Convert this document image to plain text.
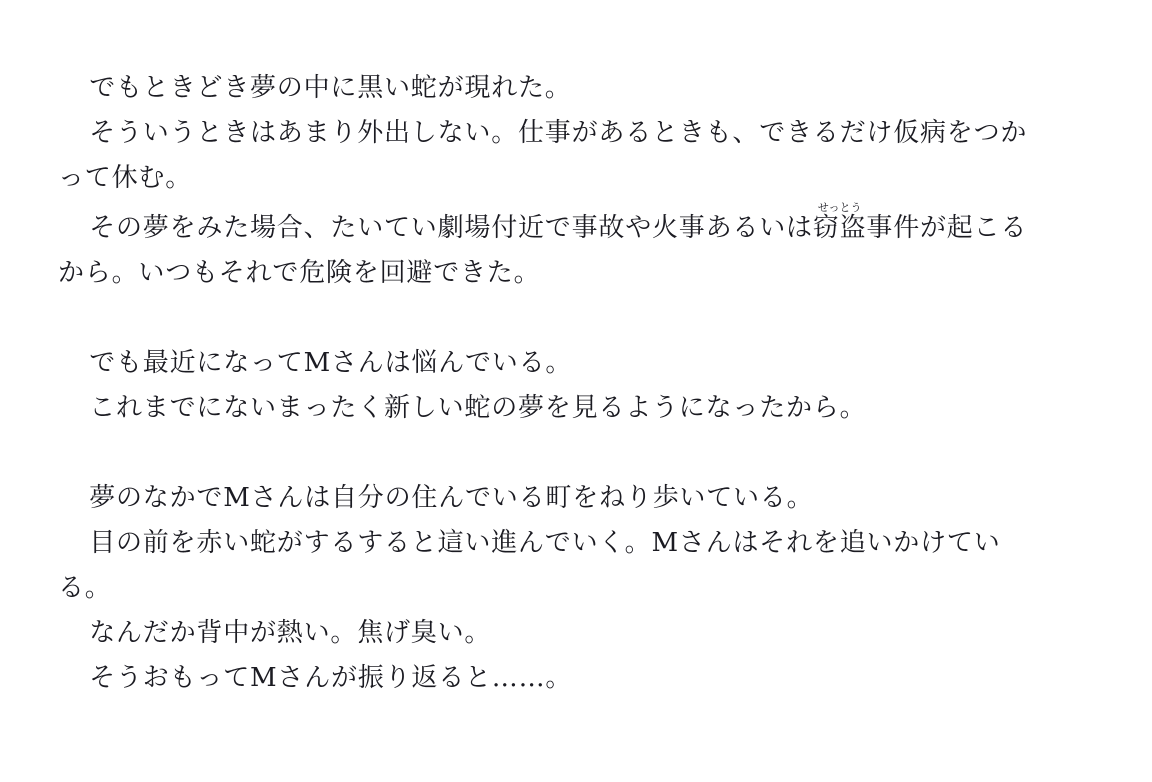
でもときどき夢の中に黒い蛇が現れた。

そういうときはあまり外出しない。仕事があるときも、できるだけ仮病をつかって休む。

その夢をみた場合、たいてい劇場付近で事故や火事あるいは窃盗せっとう事件が起こるから。いつもそれで危険を回避できた。

でも最近になってMさんは悩んでいる。

これまでにないまったく新しい蛇の夢を見るようになったから。

夢のなかでMさんは自分の住んでいる町をねり歩いている。

目の前を赤い蛇がするすると這い進んでいく。Mさんはそれを追いかけている。

なんだか背中が熱い。焦げ臭い。

そうおもってMさんが振り返ると……。
